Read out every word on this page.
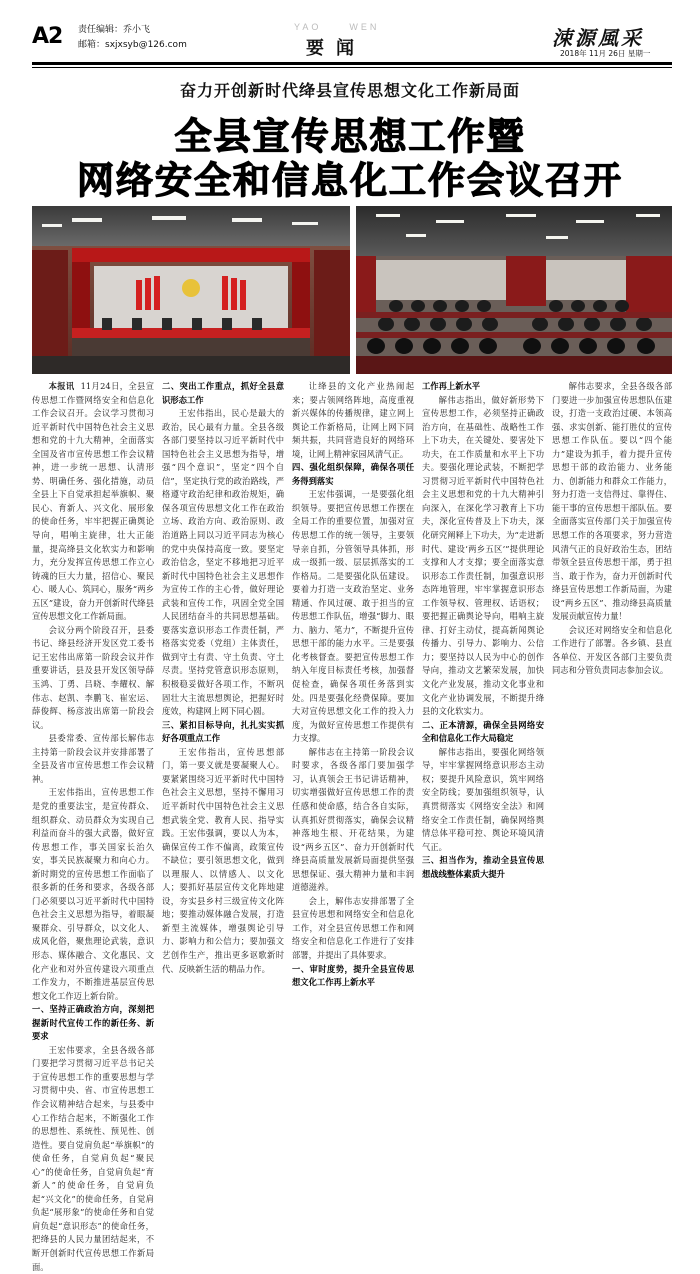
A2 责任编辑：乔小飞
邮箱：sxjxsyb@126.com
YAO	WEN
要闻	涑源風采
2018年 11月 26日 星期一
奋力开创新时代绛县宣传思想文化工作新局面
全县宣传思想工作暨
网络安全和信息化工作会议召开

本报讯 11月24日，全县宣传思想工作暨网络安全和信息化工作会议召开。会议学习贯彻习近平新时代中国特色社会主义思想和党的十九大精神，全面落实全国及省市宣传思想工作会议精神，进一步统一思想、认清形势、明确任务、强化措施，动员全县上下自觉承担起举旗帜、聚民心、育新人、兴文化、展形象的使命任务，牢牢把握正确舆论导向，唱响主旋律，壮大正能量，提高绛县文化软实力和影响力，充分发挥宣传思想工作立心铸魂的巨大力量，招信心、聚民心、暖人心、筑同心，服务“两乡五区”建设，奋力开创新时代绛县宣传思想文化工作新局面。

会议分两个阶段召开，县委书记、绛县经济开发区党工委书记王宏伟出席第一阶段会议并作重要讲话，县及县开发区领导薛玉鸿、丁勇、吕晓、李耀权、解伟志、赵凯、李鹏飞、崔宏运、薛俊辉、杨彦波出席第一阶段会议。

县委常委、宣传部长解伟志主持第一阶段会议并安排部署了全县及省市宣传思想工作会议精神。

王宏伟指出，宣传思想工作是党的重要法宝，是宣传群众、组织群众、动员群众为实现自己利益而奋斗的强大武器，做好宣传思想工作，事关国家长治久安，事关民族凝聚力和向心力。新时期党的宣传思想工作面临了很多新的任务和要求，各级各部门必须要以习近平新时代中国特色社会主义思想为指导，着眼凝聚群众、引导群众，以文化人、成风化俗，聚焦理论武装，意识形态、媒体融合、文化惠民、文化产业和对外宣传建设六项重点工作发力，不断推进基层宣传思想文化工作迈上新台阶。

一、坚持正确政治方向，深刻把握新时代宣传工作的新任务、新要求

王宏伟要求，全县各级各部门要把学习贯彻习近平总书记关于宣传思想工作的重要思想与学习贯彻中央、省、市宣传思想工作会议精神结合起来，与县委中心工作结合起来，不断强化工作的思想性、系统性、预见性、创造性。要自觉肩负起“举旗帜”的使命任务，自觉肩负起“聚民心”的使命任务，自觉肩负起“育新人”的使命任务，自觉肩负起“兴文化”的使命任务，自觉肩负起“展形象”的使命任务和自觉肩负起“意识形态”的使命任务，把绛县的人民力量团结起来，不断开创新时代宣传思想工作新局面。

二、突出工作重点，抓好全县意识形态工作

王宏伟指出，民心是最大的政治，民心最有力量。全县各级各部门要坚持以习近平新时代中国特色社会主义思想为指导，增强“四个意识”，坚定“四个自信”，坚定执行党的政治路线，严格遵守政治纪律和政治规矩，确保各项宣传思想文化工作在政治立场、政治方向、政治原则、政治道路上同以习近平同志为核心的党中央保持高度一致。要坚定政治信念，坚定不移地把习近平新时代中国特色社会主义思想作为宣传工作的主心骨，做好理论武装和宣传工作，巩固全党全国人民团结奋斗的共同思想基础。要落实意识形态工作责任制，严格落实党委（党组）主体责任，做到守土有责、守土负责、守土尽责。坚持党管意识形态原则，积极稳妥做好各项工作，不断巩固壮大主流思想舆论，把握好时度效，构建网上网下同心圆。

三、紧扣目标导向，扎扎实实抓好各项重点工作

王宏伟指出，宣传思想部门，第一要义就是要凝聚人心。要紧紧围绕习近平新时代中国特色社会主义思想，坚持不懈用习近平新时代中国特色社会主义思想武装全党、教育人民、指导实践。王宏伟强调，要以人为本，确保宣传工作不偏离，政策宣传不缺位；要引领思想文化，做到以理服人、以情感人、以文化人；要抓好基层宣传文化阵地建设，夯实县乡村三级宣传文化阵地；要推动媒体融合发展，打造新型主流媒体，增强舆论引导力、影响力和公信力；要加强文艺创作生产，推出更多讴歌新时代、反映新生活的精品力作。

让绛县的文化产业热闹起来；要占领网络阵地，高度重视新兴媒体的传播规律，建立网上舆论工作新格局，让网上网下同频共振，共同营造良好的网络环境，让网上精神家园风清气正。

四、强化组织保障，确保各项任务得到落实

王宏伟强调，一是要强化组织领导。要把宣传思想工作摆在全局工作的重要位置，加强对宣传思想工作的统一领导，主要领导亲自抓，分管领导具体抓，形成一级抓一级、层层抓落实的工作格局。二是要强化队伍建设。要着力打造一支政治坚定、业务精通、作风过硬、敢于担当的宣传思想工作队伍，增强“脚力、眼力、脑力、笔力”，不断提升宣传思想干部的能力水平。三是要强化考核督查。要把宣传思想工作纳入年度目标责任考核，加强督促检查，确保各项任务落到实处。四是要强化经费保障。要加大对宣传思想文化工作的投入力度，为做好宣传思想工作提供有力支撑。

解伟志在主持第一阶段会议时要求，各级各部门要加强学习，认真领会王书记讲话精神，切实增强做好宣传思想工作的责任感和使命感，结合各自实际，认真抓好贯彻落实，确保会议精神落地生根、开花结果，为建设“两乡五区”、奋力开创新时代绛县高质量发展新局面提供坚强思想保证、强大精神力量和丰润道德滋养。

会上，解伟志安排部署了全县宣传思想和网络安全和信息化工作，对全县宣传思想工作和网络安全和信息化工作进行了安排部署，并提出了具体要求。

一、审时度势，提升全县宣传思想文化工作再上新水平

工作再上新水平

解伟志指出，做好新形势下宣传思想工作，必须坚持正确政治方向，在基础性、战略性工作上下功夫，在关键处、要害处下功夫，在工作质量和水平上下功夫。要强化理论武装，不断把学习贯彻习近平新时代中国特色社会主义思想和党的十九大精神引向深入，在深化学习教育上下功夫，深化宣传普及上下功夫，深化研究阐释上下功夫，为“走进新时代、建设‘两乡五区’”提供理论支撑和人才支撑；要全面落实意识形态工作责任制，加强意识形态阵地管理，牢牢掌握意识形态工作领导权、管理权、话语权；要把握正确舆论导向，唱响主旋律、打好主动仗，提高新闻舆论传播力、引导力、影响力、公信力；要坚持以人民为中心的创作导向，推动文艺繁荣发展，加快文化产业发展，推动文化事业和文化产业协调发展，不断提升绛县的文化软实力。

二、正本清源，确保全县网络安全和信息化工作大局稳定

解伟志指出，要强化网络领导，牢牢掌握网络意识形态主动权；要提升风险意识，筑牢网络安全防线；要加强组织领导，认真贯彻落实《网络安全法》和网络安全工作责任制，确保网络舆情总体平稳可控、舆论环境风清气正。

三、担当作为，推动全县宣传思想战线整体素质大提升

解伟志要求，全县各级各部门要进一步加强宣传思想队伍建设，打造一支政治过硬、本领高强、求实创新、能打胜仗的宣传思想工作队伍。要以“四个能力”建设为抓手，着力提升宣传思想干部的政治能力、业务能力、创新能力和群众工作能力，努力打造一支信得过、靠得住、能干事的宣传思想干部队伍。要全面落实宣传部门关于加强宣传思想工作的各项要求，努力营造风清气正的良好政治生态，团结带领全县宣传思想干部，勇于担当、敢于作为，奋力开创新时代绛县宣传思想工作新局面，为建设“两乡五区”、推动绛县高质量发展贡献宣传力量！

会议还对网络安全和信息化工作进行了部署。各乡镇、县直各单位、开发区各部门主要负责同志和分管负责同志参加会议。
